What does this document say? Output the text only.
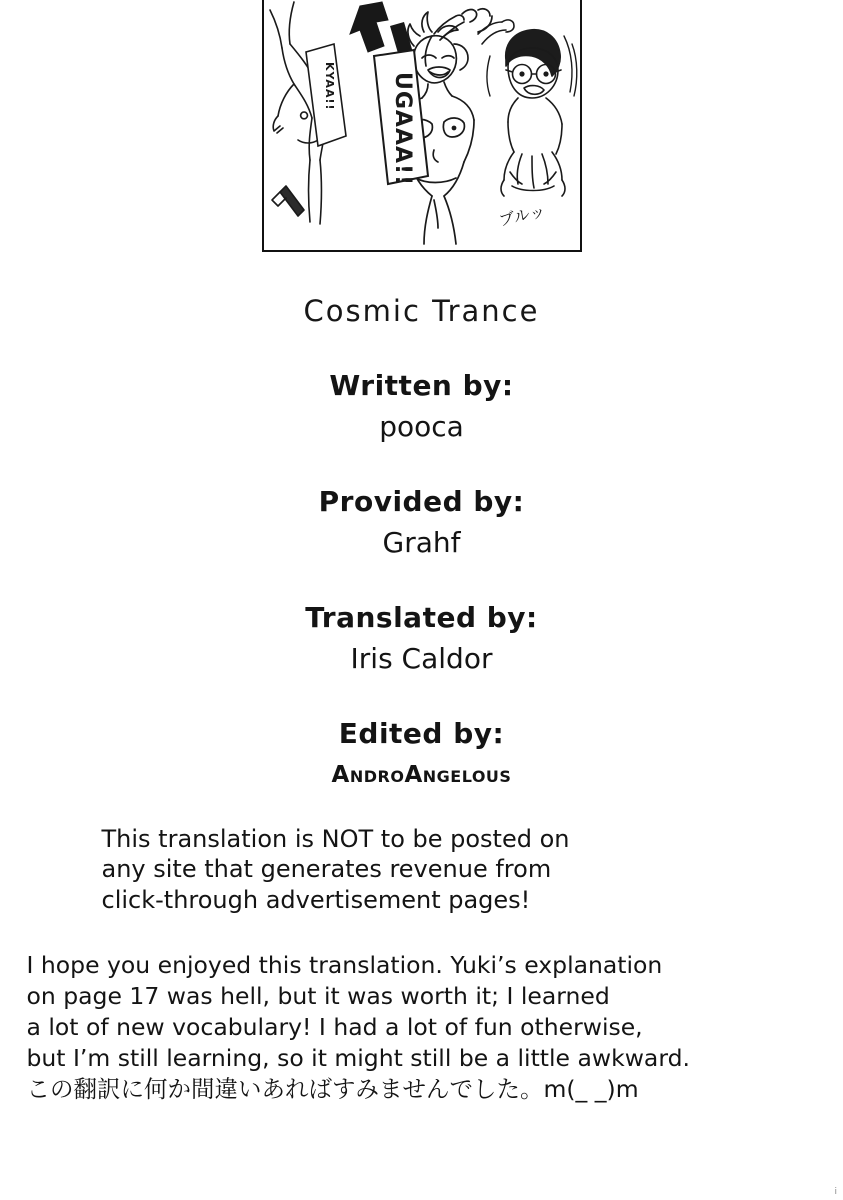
KYAA!! UGAAA!!
ブルッ
Cosmic Trance
Written by:
pooca
Provided by:
Grahf
Translated by:
Iris Caldor
Edited by:
AndroAngelous
This translation is NOT to be posted on
any site that generates revenue from
click-through advertisement pages!
I hope you enjoyed this translation. Yuki’s explanation
on page 17 was hell, but it was worth it; I learned
a lot of new vocabulary! I had a lot of fun otherwise,
but I’m still learning, so it might still be a little awkward.
この翻訳に何か間違いあればすみませんでした。m(_ _)m
i
